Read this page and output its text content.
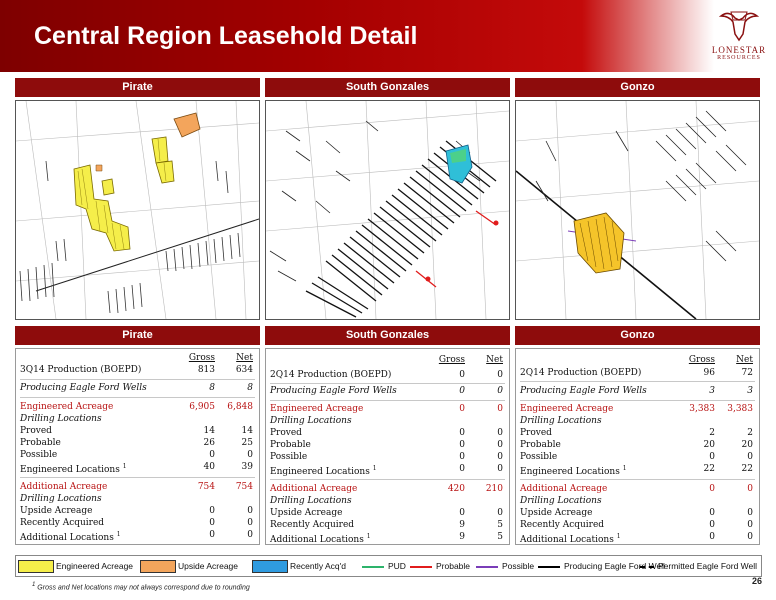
Central Region Leasehold Detail	LONESTAR
RESOURCES
Pirate	South Gonzales	Gonzo
Pirate	South Gonzales	Gonzo
Gross	Net
3Q14 Production (BOEPD)	813	634
Producing Eagle Ford Wells	8	8
Engineered Acreage	6,905	6,848
Drilling Locations
Proved	14	14
Probable	26	25
Possible	0	0
Engineered Locations $^1$	40	39
Additional Acreage	754	754
Drilling Locations
Upside Acreage	0	0
Recently Acquired	0	0
Additional Locations $^1$	0	0
Gross	Net
2Q14 Production (BOEPD)	0	0
Producing Eagle Ford Wells	0	0
Engineered Acreage	0	0
Drilling Locations
Proved	0	0
Probable	0	0
Possible	0	0
Engineered Locations $^1$	0	0
Additional Acreage	420	210
Drilling Locations
Upside Acreage	0	0
Recently Acquired	9	5
Additional Locations $^1$	9	5
Gross	Net
2Q14 Production (BOEPD)	96	72
Producing Eagle Ford Wells	3	3
Engineered Acreage	3,383	3,383
Drilling Locations
Proved	2	2
Probable	20	20
Possible	0	0
Engineered Locations $^1$	22	22
Additional Acreage	0	0
Drilling Locations
Upside Acreage	0	0
Recently Acquired	0	0
Additional Locations $^1$	0	0
Engineered Acreage	Upside Acreage	Recently Acq'd	PUD	Probable	Possible	Producing Eagle Ford Well
Permitted Eagle Ford Well
1 Gross and Net locations may not always correspond due to rounding
26
